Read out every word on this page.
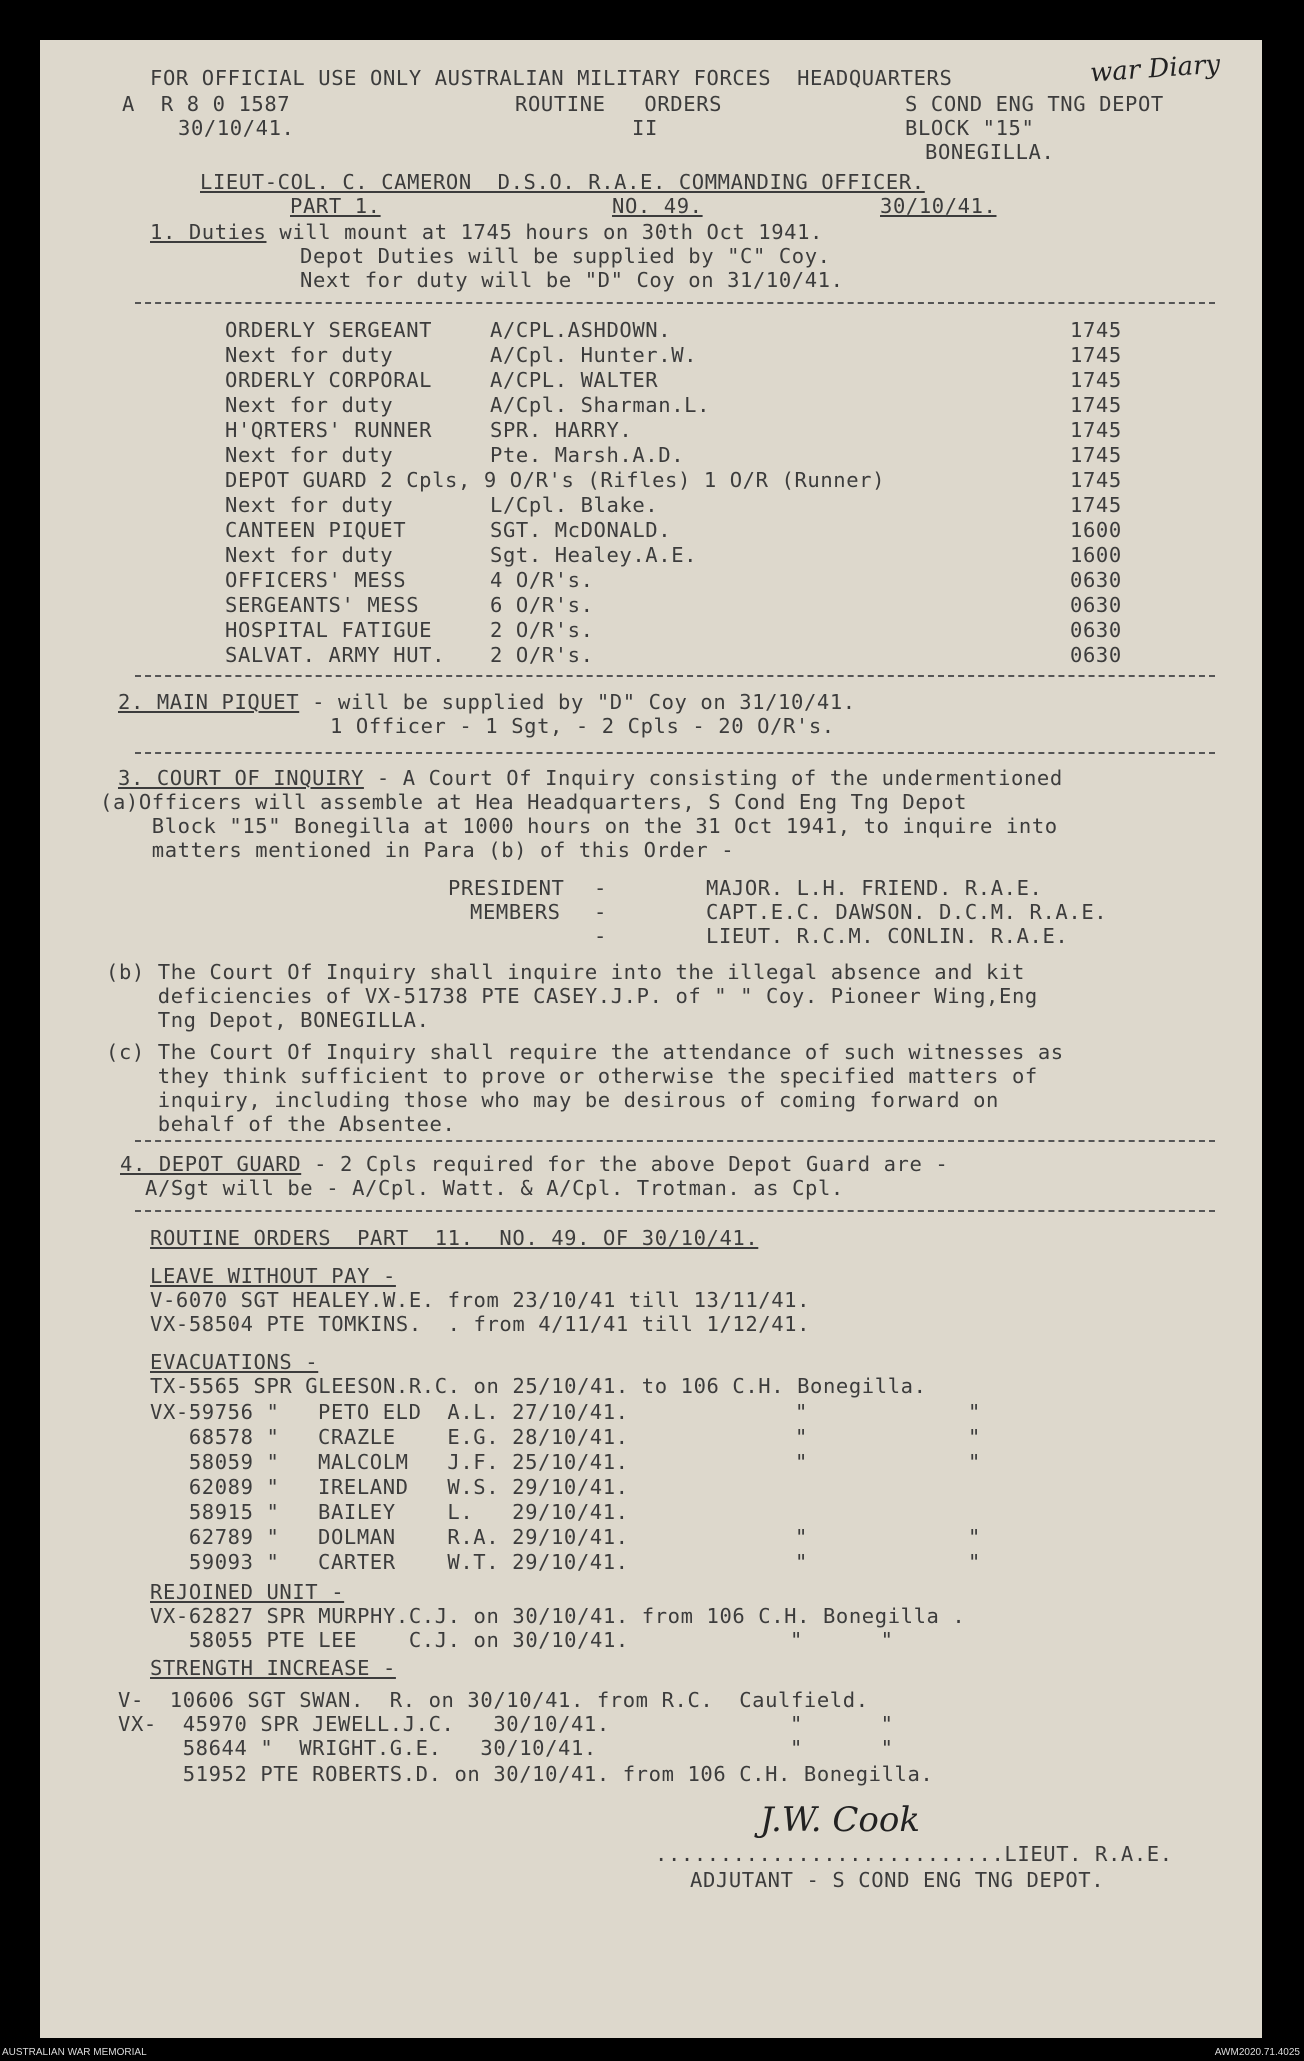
FOR OFFICIAL USE ONLY AUSTRALIAN MILITARY FORCES  HEADQUARTERS	war Diary
A  R 8 0 1587	ROUTINE   ORDERS	S COND ENG TNG DEPOT
30/10/41.	II	BLOCK "15"
BONEGILLA.
LIEUT-COL. C. CAMERON  D.S.O. R.A.E. COMMANDING OFFICER.
PART 1.	NO. 49.	30/10/41.
1. Duties will mount at 1745 hours on 30th Oct 1941.
Depot Duties will be supplied by "C" Coy.
Next for duty will be "D" Coy on 31/10/41.
ORDERLY SERGEANT	A/CPL.ASHDOWN.	1745
Next for duty	A/Cpl. Hunter.W.	1745
ORDERLY CORPORAL	A/CPL. WALTER	1745
Next for duty	A/Cpl. Sharman.L.	1745
H'QRTERS' RUNNER	SPR. HARRY.	1745
Next for duty	Pte. Marsh.A.D.	1745
DEPOT GUARD 2 Cpls, 9 O/R's (Rifles) 1 O/R (Runner)	1745
Next for duty	L/Cpl. Blake.	1745
CANTEEN PIQUET	SGT. McDONALD.	1600
Next for duty	Sgt. Healey.A.E.	1600
OFFICERS' MESS	4 O/R's.	0630
SERGEANTS' MESS	6 O/R's.	0630
HOSPITAL FATIGUE	2 O/R's.	0630
SALVAT. ARMY HUT. 2 O/R's.	0630
2. MAIN PIQUET - will be supplied by "D" Coy on 31/10/41.
1 Officer - 1 Sgt, - 2 Cpls - 20 O/R's.
3. COURT OF INQUIRY - A Court Of Inquiry consisting of the undermentioned
(a)Officers will assemble at Hea Headquarters, S Cond Eng Tng Depot
Block "15" Bonegilla at 1000 hours on the 31 Oct 1941, to inquire into
matters mentioned in Para (b) of this Order -
PRESIDENT -	MAJOR. L.H. FRIEND. R.A.E.
MEMBERS -	CAPT.E.C. DAWSON. D.C.M. R.A.E.
-	LIEUT. R.C.M. CONLIN. R.A.E.
(b) The Court Of Inquiry shall inquire into the illegal absence and kit
deficiencies of VX-51738 PTE CASEY.J.P. of " " Coy. Pioneer Wing,Eng
Tng Depot, BONEGILLA.
(c) The Court Of Inquiry shall require the attendance of such witnesses as
they think sufficient to prove or otherwise the specified matters of
inquiry, including those who may be desirous of coming forward on
behalf of the Absentee.
4. DEPOT GUARD - 2 Cpls required for the above Depot Guard are -
A/Sgt will be - A/Cpl. Watt. & A/Cpl. Trotman. as Cpl.
ROUTINE ORDERS  PART  11.  NO. 49. OF 30/10/41.
LEAVE WITHOUT PAY -
V-6070 SGT HEALEY.W.E. from 23/10/41 till 13/11/41.
VX-58504 PTE TOMKINS.  . from 4/11/41 till 1/12/41.
EVACUATIONS -
TX-5565 SPR GLEESON.R.C. on 25/10/41. to 106 C.H. Bonegilla.
VX-59756 " PETO ELD  A.L. 27/10/41.	"	"
68578 " CRAZLE    E.G. 28/10/41.	"	"
58059 " MALCOLM   J.F. 25/10/41.	"	"
62089 " IRELAND   W.S. 29/10/41.
58915 " BAILEY    L.   29/10/41.
62789 " DOLMAN    R.A. 29/10/41.	"	"
59093 " CARTER    W.T. 29/10/41.	"	"
REJOINED UNIT -
VX-62827 SPR MURPHY.C.J. on 30/10/41. from 106 C.H. Bonegilla .
58055 PTE LEE    C.J. on 30/10/41.	"      "
STRENGTH INCREASE -
V-  10606 SGT SWAN.  R. on 30/10/41. from R.C.  Caulfield.
VX-  45970 SPR JEWELL.J.C.   30/10/41.	"      "
58644 "  WRIGHT.G.E.   30/10/41.	"      "
51952 PTE ROBERTS.D. on 30/10/41. from 106 C.H. Bonegilla.
J.W. Cook
...........................LIEUT. R.A.E.
ADJUTANT - S COND ENG TNG DEPOT.
AUSTRALIAN WAR MEMORIAL	AWM2020.71.4025
